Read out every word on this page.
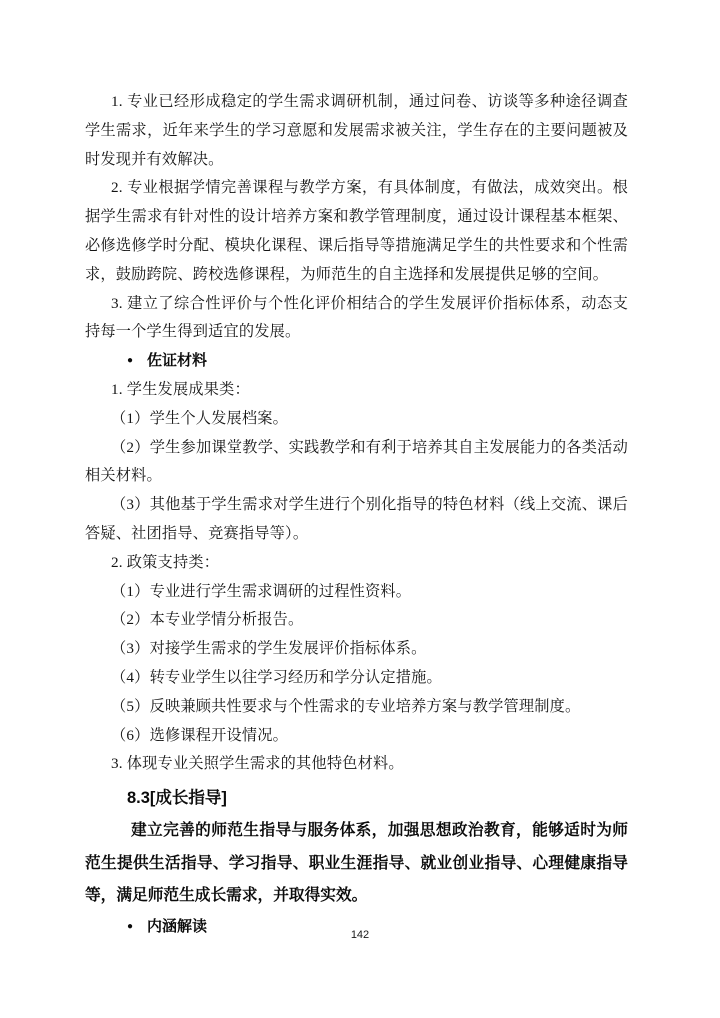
1. 专业已经形成稳定的学生需求调研机制，通过问卷、访谈等多种途径调查学生需求，近年来学生的学习意愿和发展需求被关注，学生存在的主要问题被及时发现并有效解决。

2. 专业根据学情完善课程与教学方案，有具体制度，有做法，成效突出。根据学生需求有针对性的设计培养方案和教学管理制度，通过设计课程基本框架、必修选修学时分配、模块化课程、课后指导等措施满足学生的共性要求和个性需求，鼓励跨院、跨校选修课程，为师范生的自主选择和发展提供足够的空间。

3. 建立了综合性评价与个性化评价相结合的学生发展评价指标体系，动态支持每一个学生得到适宜的发展。

● 佐证材料

1. 学生发展成果类：

（1）学生个人发展档案。

（2）学生参加课堂教学、实践教学和有利于培养其自主发展能力的各类活动相关材料。

（3）其他基于学生需求对学生进行个别化指导的特色材料（线上交流、课后答疑、社团指导、竞赛指导等）。

2. 政策支持类：

（1）专业进行学生需求调研的过程性资料。

（2）本专业学情分析报告。

（3）对接学生需求的学生发展评价指标体系。

（4）转专业学生以往学习经历和学分认定措施。

（5）反映兼顾共性要求与个性需求的专业培养方案与教学管理制度。

（6）选修课程开设情况。

3. 体现专业关照学生需求的其他特色材料。

8.3[成长指导]

建立完善的师范生指导与服务体系，加强思想政治教育，能够适时为师范生提供生活指导、学习指导、职业生涯指导、就业创业指导、心理健康指导等，满足师范生成长需求，并取得实效。

● 内涵解读
142
